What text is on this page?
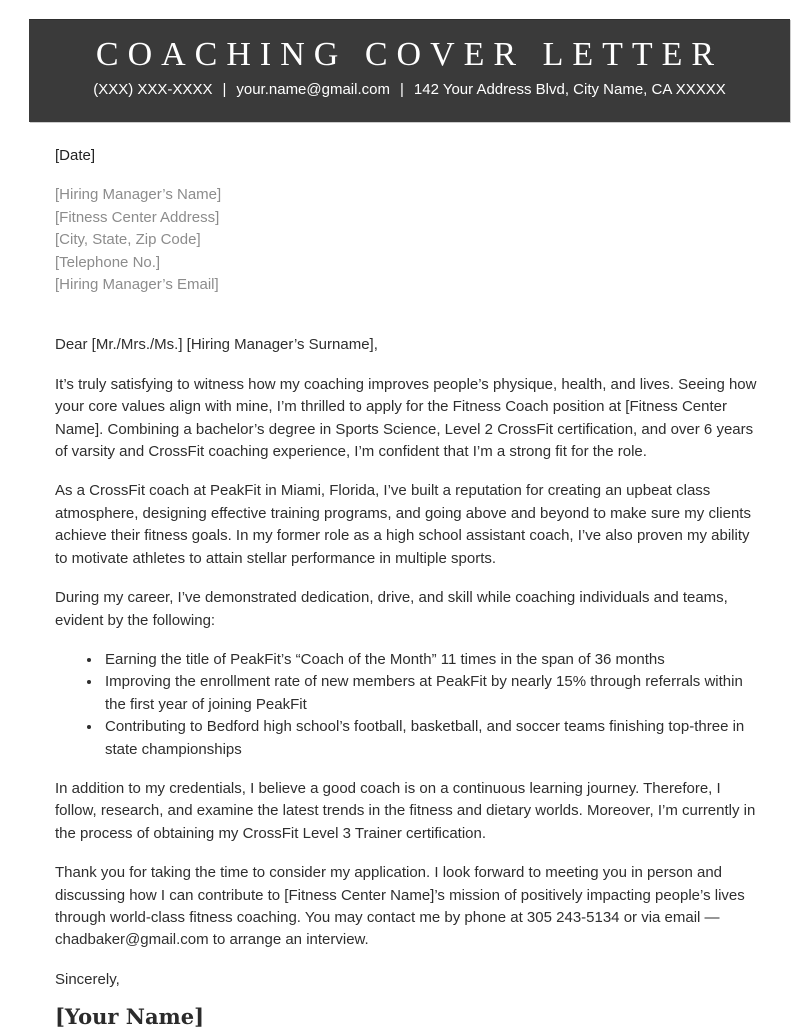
COACHING COVER LETTER
(XXX) XXX-XXXX | your.name@gmail.com | 142 Your Address Blvd, City Name, CA XXXXX

[Date]

[Hiring Manager’s Name]
[Fitness Center Address]
[City, State, Zip Code]
[Telephone No.]
[Hiring Manager’s Email]

Dear [Mr./Mrs./Ms.] [Hiring Manager’s Surname],

It’s truly satisfying to witness how my coaching improves people’s physique, health, and lives. Seeing how your core values align with mine, I’m thrilled to apply for the Fitness Coach position at [Fitness Center Name]. Combining a bachelor’s degree in Sports Science, Level 2 CrossFit certification, and over 6 years of varsity and CrossFit coaching experience, I’m confident that I’m a strong fit for the role.

As a CrossFit coach at PeakFit in Miami, Florida, I’ve built a reputation for creating an upbeat class atmosphere, designing effective training programs, and going above and beyond to make sure my clients achieve their fitness goals. In my former role as a high school assistant coach, I’ve also proven my ability to motivate athletes to attain stellar performance in multiple sports.

During my career, I’ve demonstrated dedication, drive, and skill while coaching individuals and teams, evident by the following:

• Earning the title of PeakFit’s “Coach of the Month” 11 times in the span of 36 months
• Improving the enrollment rate of new members at PeakFit by nearly 15% through referrals within the first year of joining PeakFit
• Contributing to Bedford high school’s football, basketball, and soccer teams finishing top-three in state championships

In addition to my credentials, I believe a good coach is on a continuous learning journey. Therefore, I follow, research, and examine the latest trends in the fitness and dietary worlds. Moreover, I’m currently in the process of obtaining my CrossFit Level 3 Trainer certification.

Thank you for taking the time to consider my application. I look forward to meeting you in person and discussing how I can contribute to [Fitness Center Name]’s mission of positively impacting people’s lives through world-class fitness coaching. You may contact me by phone at 305 243-5134 or via email — chadbaker@gmail.com to arrange an interview.

Sincerely,

[Your Name]
